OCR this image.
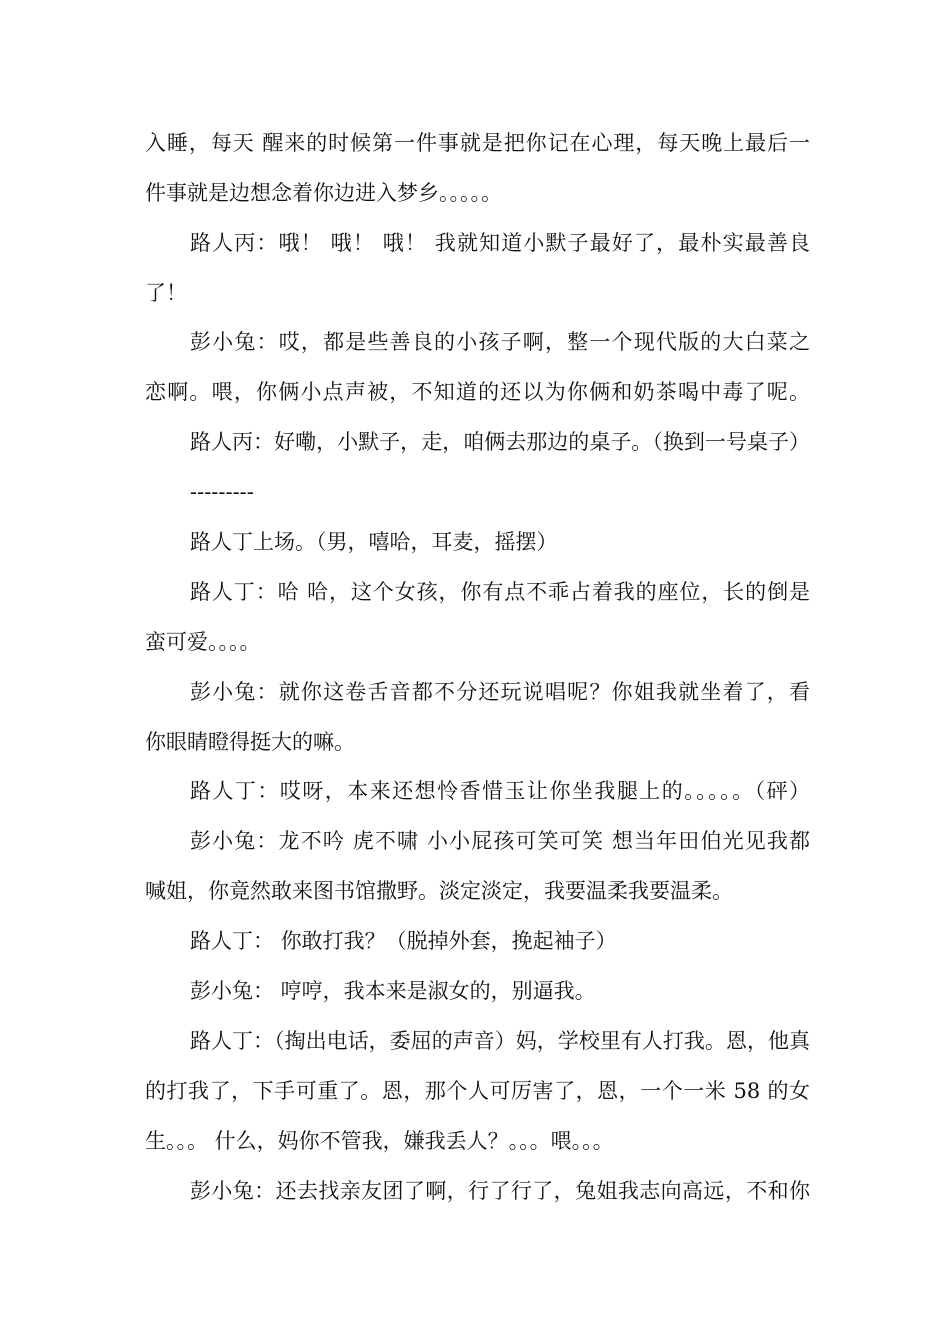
入睡，每天 醒来的时候第一件事就是把你记在心理，每天晚上最后一
件事就是边想念着你边进入梦乡。。。。。
路人丙：哦！ 哦！ 哦！ 我就知道小默子最好了，最朴实最善良
了！
彭小兔：哎，都是些善良的小孩子啊，整一个现代版的大白菜之
恋啊。喂，你俩小点声被，不知道的还以为你俩和奶茶喝中毒了呢。
路人丙：好嘞，小默子，走，咱俩去那边的桌子。（换到一号桌子）
---------
路人丁上场。（男，嘻哈，耳麦，摇摆）
路人丁：哈 哈，这个女孩，你有点不乖占着我的座位，长的倒是
蛮可爱。。。。
彭小兔：就你这卷舌音都不分还玩说唱呢？你姐我就坐着了，看
你眼睛瞪得挺大的嘛。
路人丁：哎呀，本来还想怜香惜玉让你坐我腿上的。。。。。（砰）
彭小兔：龙不吟 虎不啸 小小屁孩可笑可笑 想当年田伯光见我都
喊姐，你竟然敢来图书馆撒野。淡定淡定，我要温柔我要温柔。
路人丁： 你敢打我？（脱掉外套，挽起袖子）
彭小兔： 哼哼，我本来是淑女的，别逼我。
路人丁：（掏出电话，委屈的声音）妈，学校里有人打我。恩，他真
的打我了，下手可重了。恩，那个人可厉害了，恩，一个一米 58 的女
生。。。 什么，妈你不管我，嫌我丢人？。。。喂。。。
彭小兔：还去找亲友团了啊，行了行了，兔姐我志向高远，不和你
